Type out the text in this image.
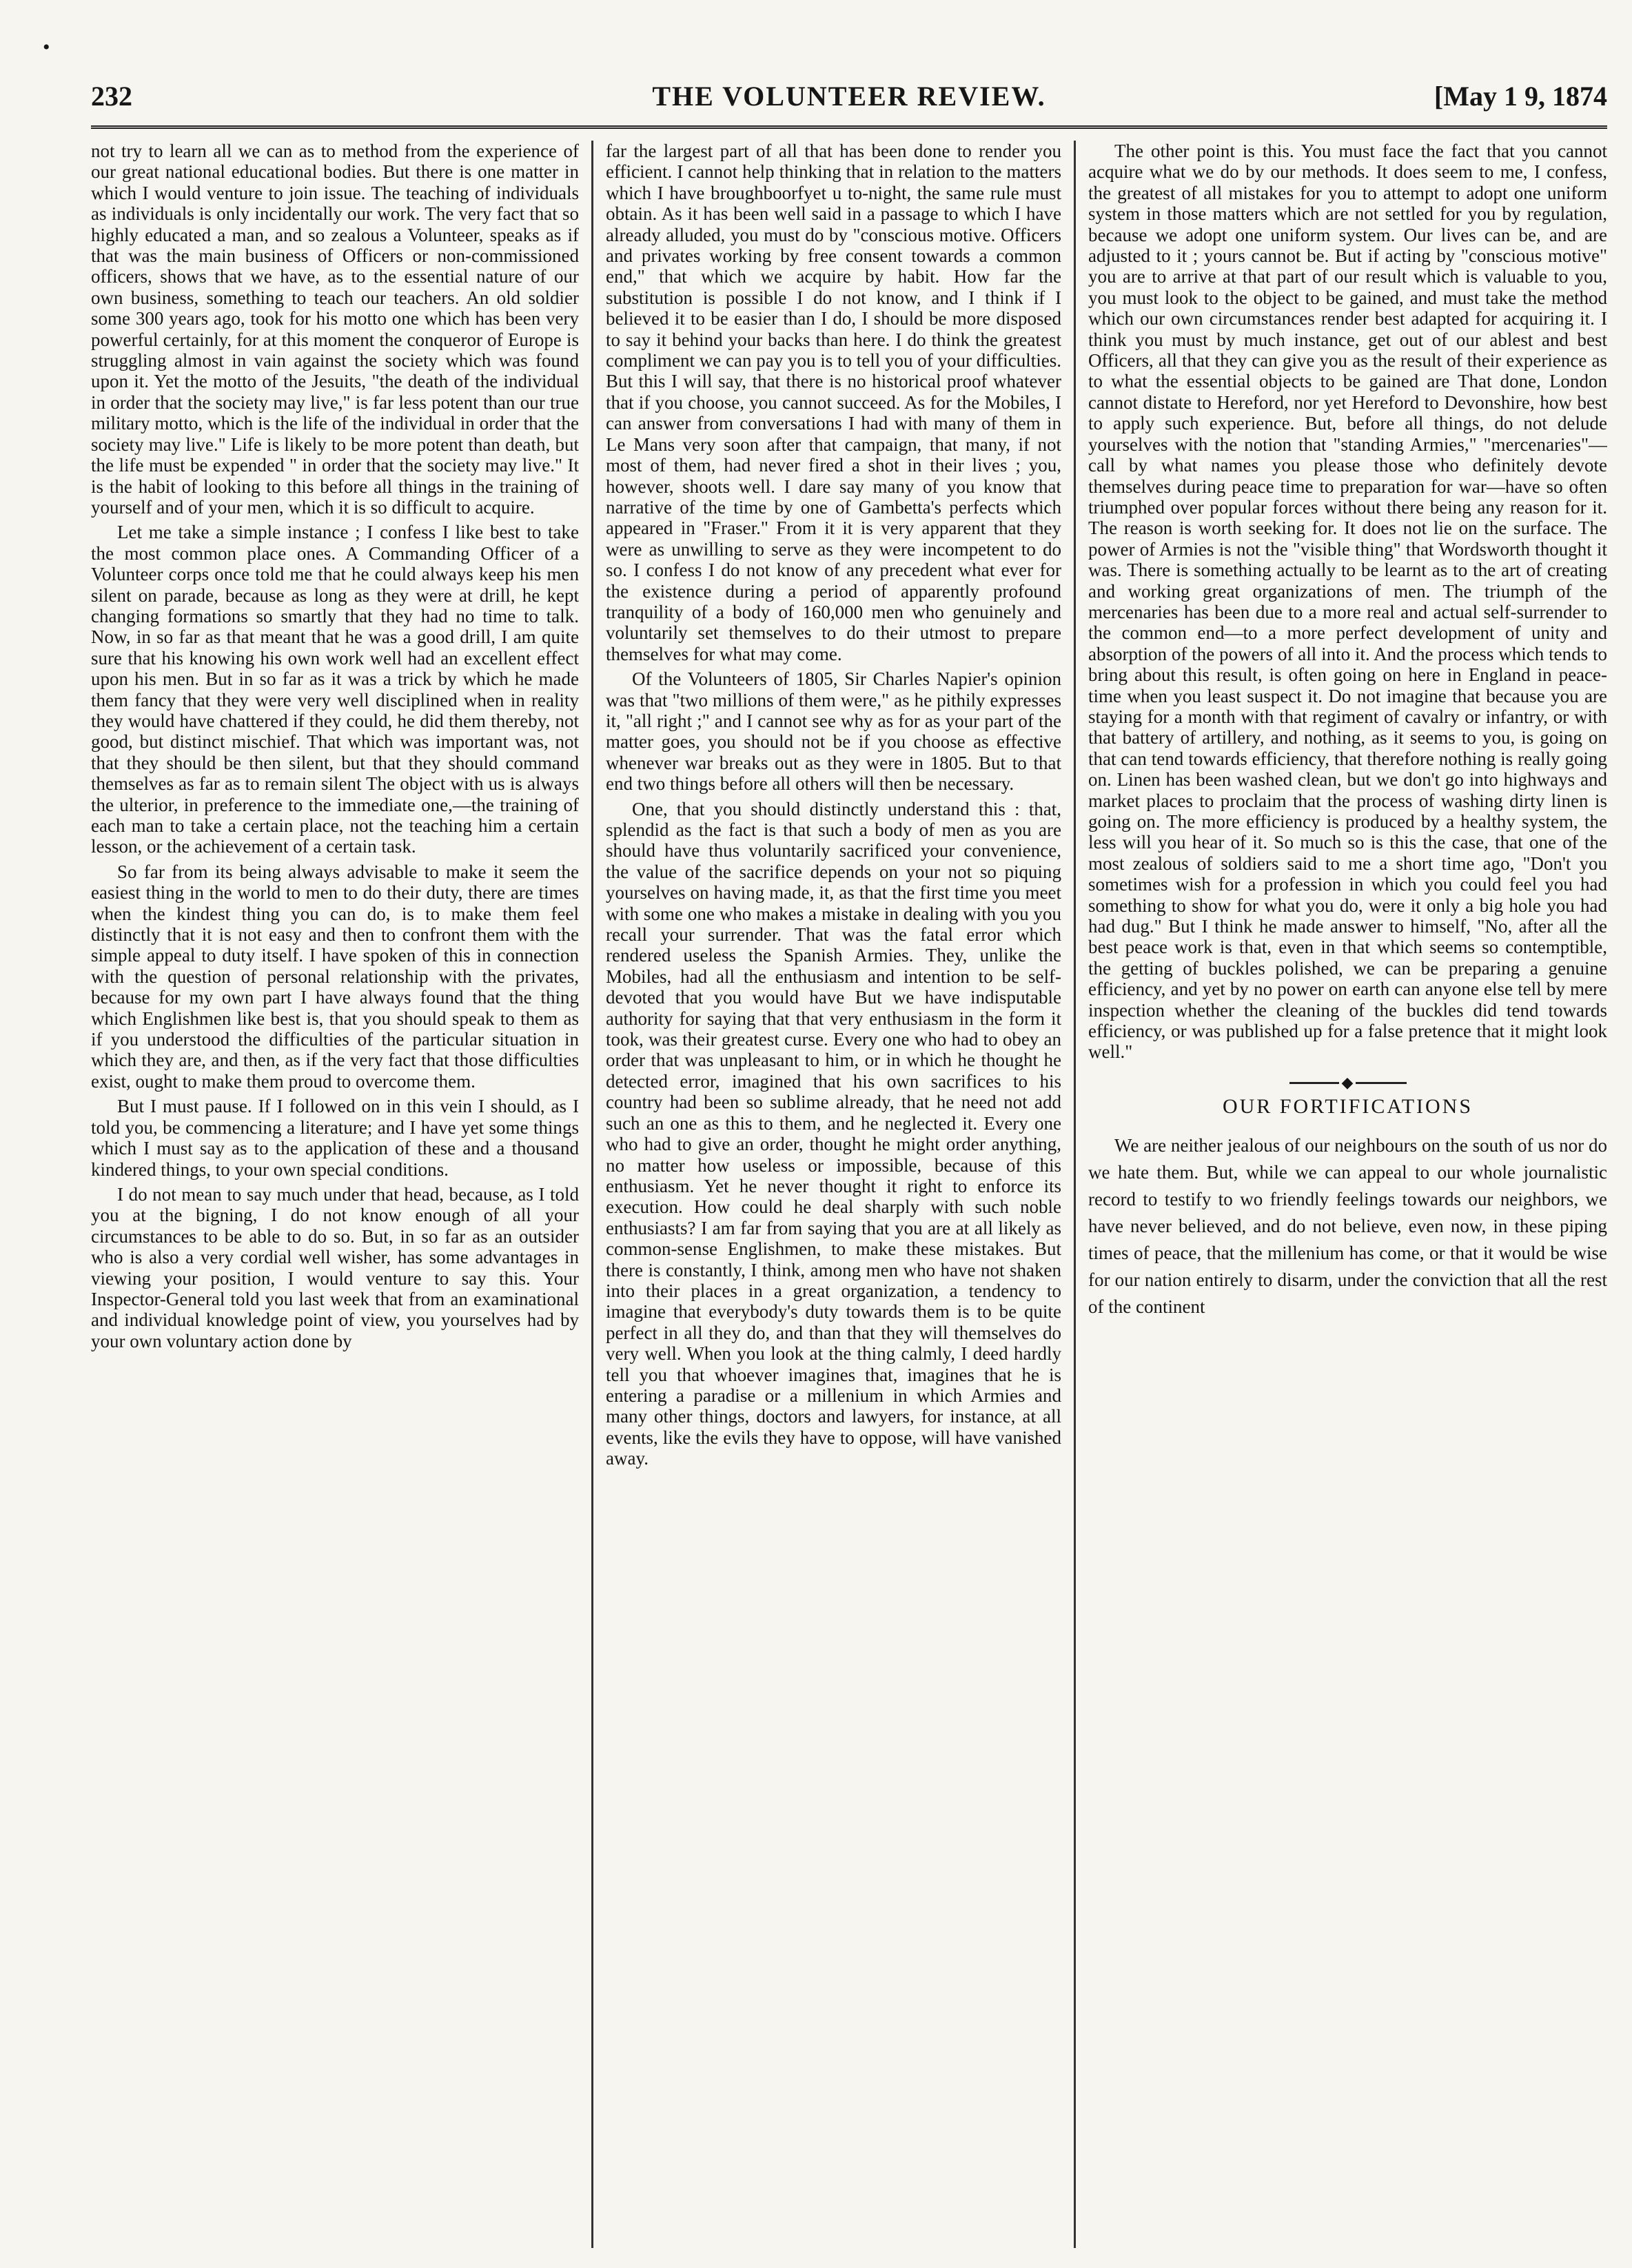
•
232	THE VOLUNTEER REVIEW.	[May 1 9, 1874

not try to learn all we can as to method from the experience of our great national educational bodies. But there is one matter in which I would venture to join issue. The teaching of individuals as individuals is only incidentally our work. The very fact that so highly educated a man, and so zealous a Volunteer, speaks as if that was the main business of Officers or non-commissioned officers, shows that we have, as to the essential nature of our own business, something to teach our teachers. An old soldier some 300 years ago, took for his motto one which has been very powerful certainly, for at this moment the conqueror of Europe is struggling almost in vain against the society which was found upon it. Yet the motto of the Jesuits, "the death of the individual in order that the society may live," is far less potent than our true military motto, which is the life of the individual in order that the society may live." Life is likely to be more potent than death, but the life must be expended " in order that the society may live." It is the habit of looking to this before all things in the training of yourself and of your men, which it is so difficult to acquire.

Let me take a simple instance ; I confess I like best to take the most common place ones. A Commanding Officer of a Volunteer corps once told me that he could always keep his men silent on parade, because as long as they were at drill, he kept changing formations so smartly that they had no time to talk. Now, in so far as that meant that he was a good drill, I am quite sure that his knowing his own work well had an excellent effect upon his men. But in so far as it was a trick by which he made them fancy that they were very well disciplined when in reality they would have chattered if they could, he did them thereby, not good, but distinct mischief. That which was important was, not that they should be then silent, but that they should command themselves as far as to remain silent The object with us is always the ulterior, in preference to the immediate one,—the training of each man to take a certain place, not the teaching him a certain lesson, or the achievement of a certain task.

So far from its being always advisable to make it seem the easiest thing in the world to men to do their duty, there are times when the kindest thing you can do, is to make them feel distinctly that it is not easy and then to confront them with the simple appeal to duty itself. I have spoken of this in connection with the question of personal relationship with the privates, because for my own part I have always found that the thing which Englishmen like best is, that you should speak to them as if you understood the difficulties of the particular situation in which they are, and then, as if the very fact that those difficulties exist, ought to make them proud to overcome them.

But I must pause. If I followed on in this vein I should, as I told you, be commencing a literature; and I have yet some things which I must say as to the application of these and a thousand kindered things, to your own special conditions.

I do not mean to say much under that head, because, as I told you at the bigning, I do not know enough of all your circumstances to be able to do so. But, in so far as an outsider who is also a very cordial well wisher, has some advantages in viewing your position, I would venture to say this. Your Inspector-General told you last week that from an examinational and individual knowledge point of view, you yourselves had by your own voluntary action done by

far the largest part of all that has been done to render you efficient. I cannot help thinking that in relation to the matters which I have broughboorfyet u to-night, the same rule must obtain. As it has been well said in a passage to which I have already alluded, you must do by "conscious motive. Officers and privates working by free consent towards a common end," that which we acquire by habit. How far the substitution is possible I do not know, and I think if I believed it to be easier than I do, I should be more disposed to say it behind your backs than here. I do think the greatest compliment we can pay you is to tell you of your difficulties. But this I will say, that there is no historical proof whatever that if you choose, you cannot succeed. As for the Mobiles, I can answer from conversations I had with many of them in Le Mans very soon after that campaign, that many, if not most of them, had never fired a shot in their lives ; you, however, shoots well. I dare say many of you know that narrative of the time by one of Gambetta's perfects which appeared in "Fraser." From it it is very apparent that they were as unwilling to serve as they were incompetent to do so. I confess I do not know of any precedent what ever for the existence during a period of apparently profound tranquility of a body of 160,000 men who genuinely and voluntarily set themselves to do their utmost to prepare themselves for what may come.

Of the Volunteers of 1805, Sir Charles Napier's opinion was that "two millions of them were," as he pithily expresses it, "all right ;" and I cannot see why as for as your part of the matter goes, you should not be if you choose as effective whenever war breaks out as they were in 1805. But to that end two things before all others will then be necessary.

One, that you should distinctly understand this : that, splendid as the fact is that such a body of men as you are should have thus voluntarily sacrificed your convenience, the value of the sacrifice depends on your not so piquing yourselves on having made, it, as that the first time you meet with some one who makes a mistake in dealing with you you recall your surrender. That was the fatal error which rendered useless the Spanish Armies. They, unlike the Mobiles, had all the enthusiasm and intention to be self-devoted that you would have But we have indisputable authority for saying that that very enthusiasm in the form it took, was their greatest curse. Every one who had to obey an order that was unpleasant to him, or in which he thought he detected error, imagined that his own sacrifices to his country had been so sublime already, that he need not add such an one as this to them, and he neglected it. Every one who had to give an order, thought he might order anything, no matter how useless or impossible, because of this enthusiasm. Yet he never thought it right to enforce its execution. How could he deal sharply with such noble enthusiasts? I am far from saying that you are at all likely as common-sense Englishmen, to make these mistakes. But there is constantly, I think, among men who have not shaken into their places in a great organization, a tendency to imagine that everybody's duty towards them is to be quite perfect in all they do, and than that they will themselves do very well. When you look at the thing calmly, I deed hardly tell you that whoever imagines that, imagines that he is entering a paradise or a millenium in which Armies and many other things, doctors and lawyers, for instance, at all events, like the evils they have to oppose, will have vanished away.

The other point is this. You must face the fact that you cannot acquire what we do by our methods. It does seem to me, I confess, the greatest of all mistakes for you to attempt to adopt one uniform system in those matters which are not settled for you by regulation, because we adopt one uniform system. Our lives can be, and are adjusted to it ; yours cannot be. But if acting by "conscious motive" you are to arrive at that part of our result which is valuable to you, you must look to the object to be gained, and must take the method which our own circumstances render best adapted for acquiring it. I think you must by much instance, get out of our ablest and best Officers, all that they can give you as the result of their experience as to what the essential objects to be gained are That done, London cannot distate to Hereford, nor yet Hereford to Devonshire, how best to apply such experience. But, before all things, do not delude yourselves with the notion that "standing Armies," "mercenaries"—call by what names you please those who definitely devote themselves during peace time to preparation for war—have so often triumphed over popular forces without there being any reason for it. The reason is worth seeking for. It does not lie on the surface. The power of Armies is not the "visible thing" that Wordsworth thought it was. There is something actually to be learnt as to the art of creating and working great organizations of men. The triumph of the mercenaries has been due to a more real and actual self-surrender to the common end—to a more perfect development of unity and absorption of the powers of all into it. And the process which tends to bring about this result, is often going on here in England in peace-time when you least suspect it. Do not imagine that because you are staying for a month with that regiment of cavalry or infantry, or with that battery of artillery, and nothing, as it seems to you, is going on that can tend towards efficiency, that therefore nothing is really going on. Linen has been washed clean, but we don't go into highways and market places to proclaim that the process of washing dirty linen is going on. The more efficiency is produced by a healthy system, the less will you hear of it. So much so is this the case, that one of the most zealous of soldiers said to me a short time ago, "Don't you sometimes wish for a profession in which you could feel you had something to show for what you do, were it only a big hole you had had dug." But I think he made answer to himself, "No, after all the best peace work is that, even in that which seems so contemptible, the getting of buckles polished, we can be preparing a genuine efficiency, and yet by no power on earth can anyone else tell by mere inspection whether the cleaning of the buckles did tend towards efficiency, or was published up for a false pretence that it might look well."

◆
OUR FORTIFICATIONS

We are neither jealous of our neighbours on the south of us nor do we hate them. But, while we can appeal to our whole journalistic record to testify to wo friendly feelings towards our neighbors, we have never believed, and do not believe, even now, in these piping times of peace, that the millenium has come, or that it would be wise for our nation entirely to disarm, under the conviction that all the rest of the continent
